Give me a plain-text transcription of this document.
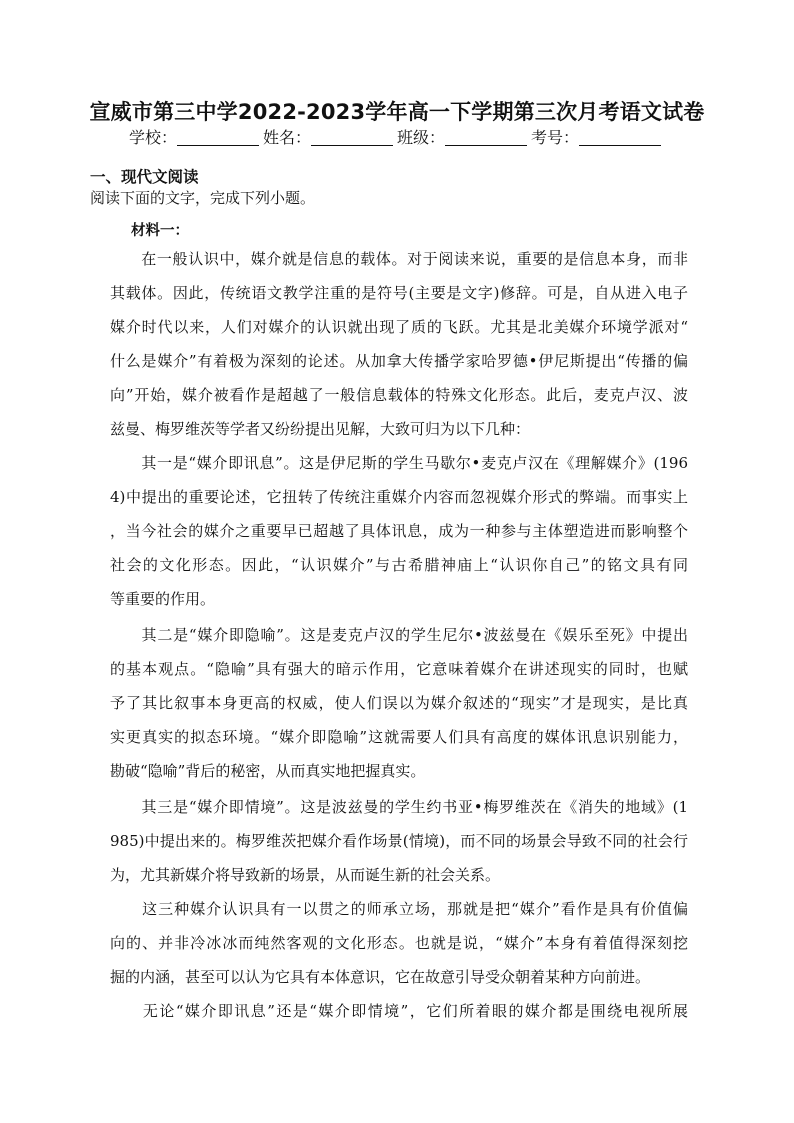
宣威市第三中学2022-2023学年高一下学期第三次月考语文试卷
学校：	姓名：	班级：	考号：
一、现代文阅读
阅读下面的文字，完成下列小题。
材料一：
　　在一般认识中，媒介就是信息的载体。对于阅读来说，重要的是信息本身，而非
其载体。因此，传统语文教学注重的是符号(主要是文字)修辞。可是，自从进入电子
媒介时代以来，人们对媒介的认识就出现了质的飞跃。尤其是北美媒介环境学派对“
什么是媒介”有着极为深刻的论述。从加拿大传播学家哈罗德•伊尼斯提出“传播的偏
向”开始，媒介被看作是超越了一般信息载体的特殊文化形态。此后，麦克卢汉、波
兹曼、梅罗维茨等学者又纷纷提出见解，大致可归为以下几种：
　　其一是“媒介即讯息”。这是伊尼斯的学生马歇尔•麦克卢汉在《理解媒介》(196
4)中提出的重要论述，它扭转了传统注重媒介内容而忽视媒介形式的弊端。而事实上
，当今社会的媒介之重要早已超越了具体讯息，成为一种参与主体塑造进而影响整个
社会的文化形态。因此，“认识媒介”与古希腊神庙上“认识你自己”的铭文具有同
等重要的作用。
　　其二是“媒介即隐喻”。这是麦克卢汉的学生尼尔•波兹曼在《娱乐至死》中提出
的基本观点。“隐喻”具有强大的暗示作用，它意味着媒介在讲述现实的同时，也赋
予了其比叙事本身更高的权威，使人们误以为媒介叙述的“现实”才是现实，是比真
实更真实的拟态环境。“媒介即隐喻”这就需要人们具有高度的媒体讯息识别能力，
勘破“隐喻”背后的秘密，从而真实地把握真实。
　　其三是“媒介即情境”。这是波兹曼的学生约书亚•梅罗维茨在《消失的地域》(1
985)中提出来的。梅罗维茨把媒介看作场景(情境)，而不同的场景会导致不同的社会行
为，尤其新媒介将导致新的场景，从而诞生新的社会关系。
　　这三种媒介认识具有一以贯之的师承立场，那就是把“媒介”看作是具有价值偏
向的、并非冷冰冰而纯然客观的文化形态。也就是说，“媒介”本身有着值得深刻挖
掘的内涵，甚至可以认为它具有本体意识，它在故意引导受众朝着某种方向前进。
　　无论“媒介即讯息”还是“媒介即情境”，它们所着眼的媒介都是围绕电视所展
